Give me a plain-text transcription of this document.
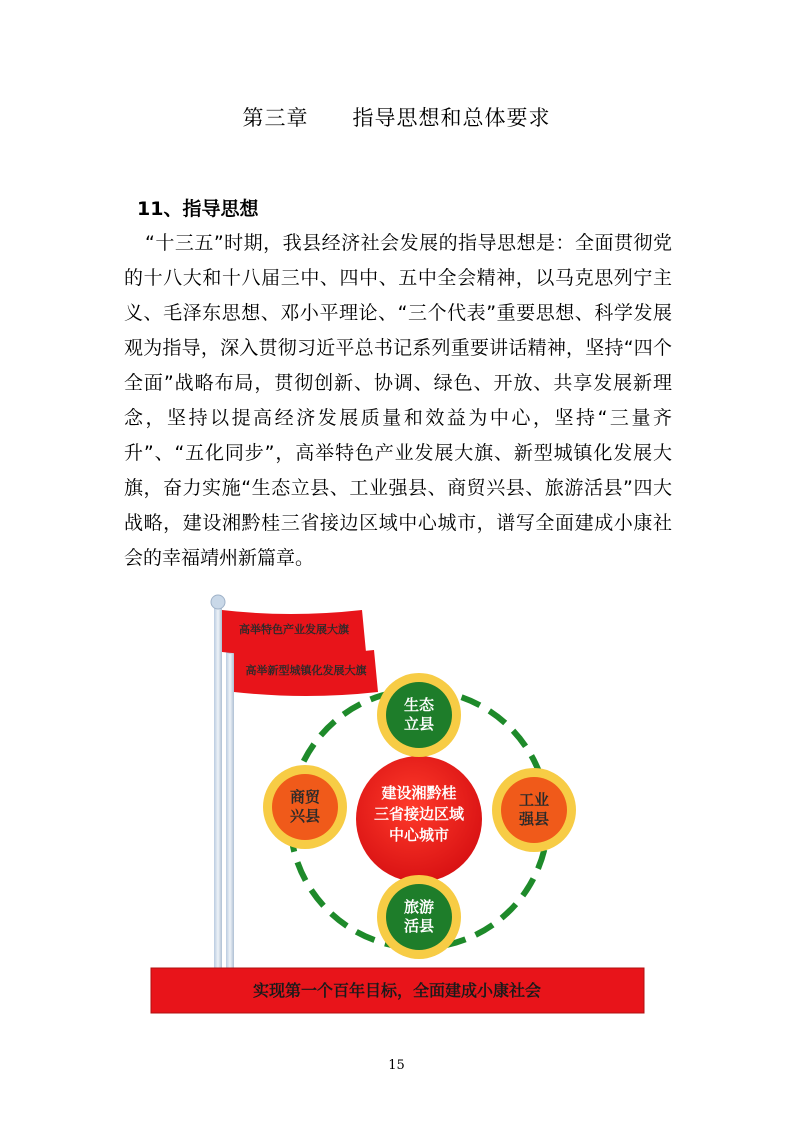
第三章 指导思想和总体要求
11、指导思想

“十三五”时期，我县经济社会发展的指导思想是：全面贯彻党的十八大和十八届三中、四中、五中全会精神，以马克思列宁主义、毛泽东思想、邓小平理论、“三个代表”重要思想、科学发展观为指导，深入贯彻习近平总书记系列重要讲话精神，坚持“四个全面”战略布局，贯彻创新、协调、绿色、开放、共享发展新理念，坚持以提高经济发展质量和效益为中心，坚持“三量齐升”、“五化同步”，高举特色产业发展大旗、新型城镇化发展大旗，奋力实施“生态立县、工业强县、商贸兴县、旅游活县”四大战略，建设湘黔桂三省接边区域中心城市，谱写全面建成小康社会的幸福靖州新篇章。

高举特色产业发展大旗
高举新型城镇化发展大旗
建设湘黔桂
三省接边区域
中心城市
生态
立县
工业
强县
旅游
活县
商贸
兴县
实现第一个百年目标，全面建成小康社会
15
